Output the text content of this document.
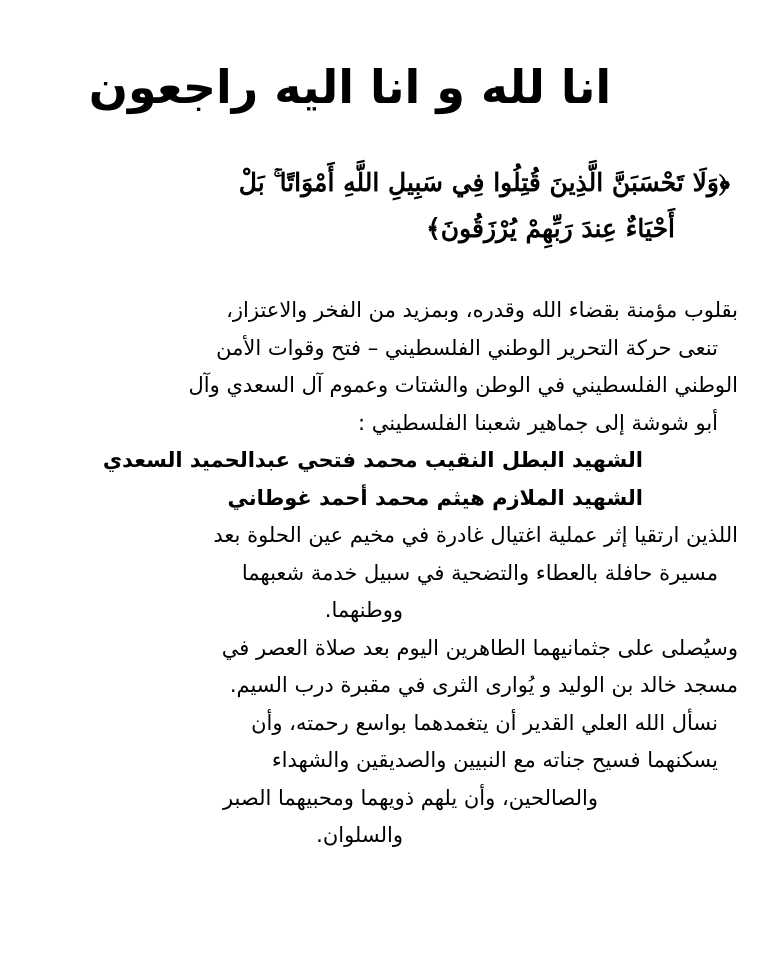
انا لله و انا اليه راجعون
﴿وَلَا تَحْسَبَنَّ الَّذِينَ قُتِلُوا فِي سَبِيلِ اللَّهِ أَمْوَاتًا ۚ بَلْ
أَحْيَاءٌ عِندَ رَبِّهِمْ يُرْزَقُونَ﴾
بقلوب مؤمنة بقضاء الله وقدره، وبمزيد من الفخر والاعتزاز،
تنعى حركة التحرير الوطني الفلسطيني – فتح وقوات الأمن
الوطني الفلسطيني في الوطن والشتات وعموم آل السعدي وآل
أبو شوشة إلى جماهير شعبنا الفلسطيني :
الشهيد البطل النقيب محمد فتحي عبدالحميد السعدي
الشهيد الملازم هيثم محمد أحمد غوطاني
اللذين ارتقيا إثر عملية اغتيال غادرة في مخيم عين الحلوة بعد
مسيرة حافلة بالعطاء والتضحية في سبيل خدمة شعبهما
ووطنهما.
وسيُصلى على جثمانيهما الطاهرين اليوم بعد صلاة العصر في
مسجد خالد بن الوليد و يُوارى الثرى في مقبرة درب السيم.
نسأل الله العلي القدير أن يتغمدهما بواسع رحمته، وأن
يسكنهما فسيح جناته مع النبيين والصديقين والشهداء
والصالحين، وأن يلهم ذويهما ومحبيهما الصبر
والسلوان.
